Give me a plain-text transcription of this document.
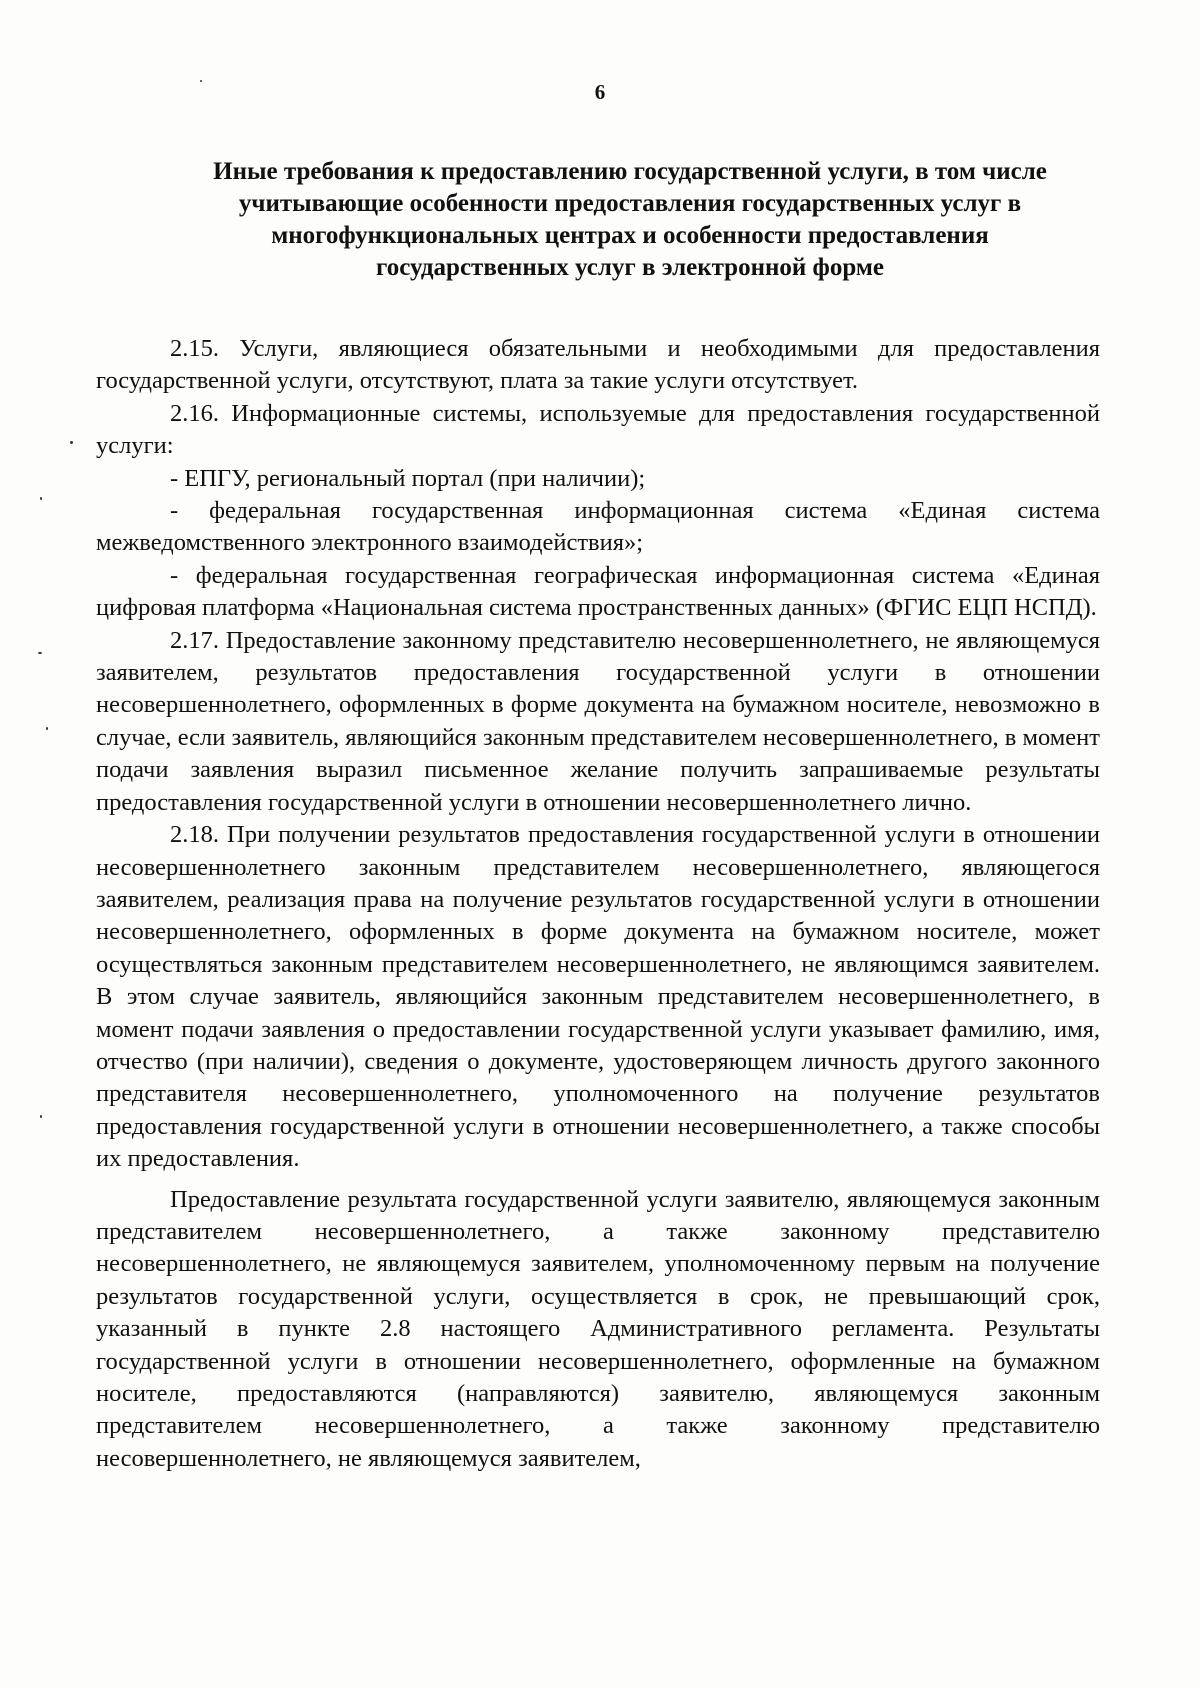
6
Иные требования к предоставлению государственной услуги, в том числе
учитывающие особенности предоставления государственных услуг в
многофункциональных центрах и особенности предоставления
государственных услуг в электронной форме

2.15. Услуги, являющиеся обязательными и необходимыми для предоставления государственной услуги, отсутствуют, плата за такие услуги отсутствует.

2.16. Информационные системы, используемые для предоставления государственной услуги:

- ЕПГУ, региональный портал (при наличии);

- федеральная государственная информационная система «Единая система межведомственного электронного взаимодействия»;

- федеральная государственная географическая информационная система «Единая цифровая платформа «Национальная система пространственных данных» (ФГИС ЕЦП НСПД).

2.17. Предоставление законному представителю несовершеннолетнего, не являющемуся заявителем, результатов предоставления государственной услуги в отношении несовершеннолетнего, оформленных в форме документа на бумажном носителе, невозможно в случае, если заявитель, являющийся законным представителем несовершеннолетнего, в момент подачи заявления выразил письменное желание получить запрашиваемые результаты предоставления государственной услуги в отношении несовершеннолетнего лично.

2.18. При получении результатов предоставления государственной услуги в отношении несовершеннолетнего законным представителем несовершеннолетнего, являющегося заявителем, реализация права на получение результатов государственной услуги в отношении несовершеннолетнего, оформленных в форме документа на бумажном носителе, может осуществляться законным представителем несовершеннолетнего, не являющимся заявителем. В этом случае заявитель, являющийся законным представителем несовершеннолетнего, в момент подачи заявления о предоставлении государственной услуги указывает фамилию, имя, отчество (при наличии), сведения о документе, удостоверяющем личность другого законного представителя несовершеннолетнего, уполномоченного на получение результатов предоставления государственной услуги в отношении несовершеннолетнего, а также способы их предоставления.

Предоставление результата государственной услуги заявителю, являющемуся законным представителем несовершеннолетнего, а также законному представителю несовершеннолетнего, не являющемуся заявителем, уполномоченному первым на получение результатов государственной услуги, осуществляется в срок, не превышающий срок, указанный в пункте 2.8 настоящего Административного регламента. Результаты государственной услуги в отношении несовершеннолетнего, оформленные на бумажном носителе, предоставляются (направляются) заявителю, являющемуся законным представителем несовершеннолетнего, а также законному представителю несовершеннолетнего, не являющемуся заявителем,
